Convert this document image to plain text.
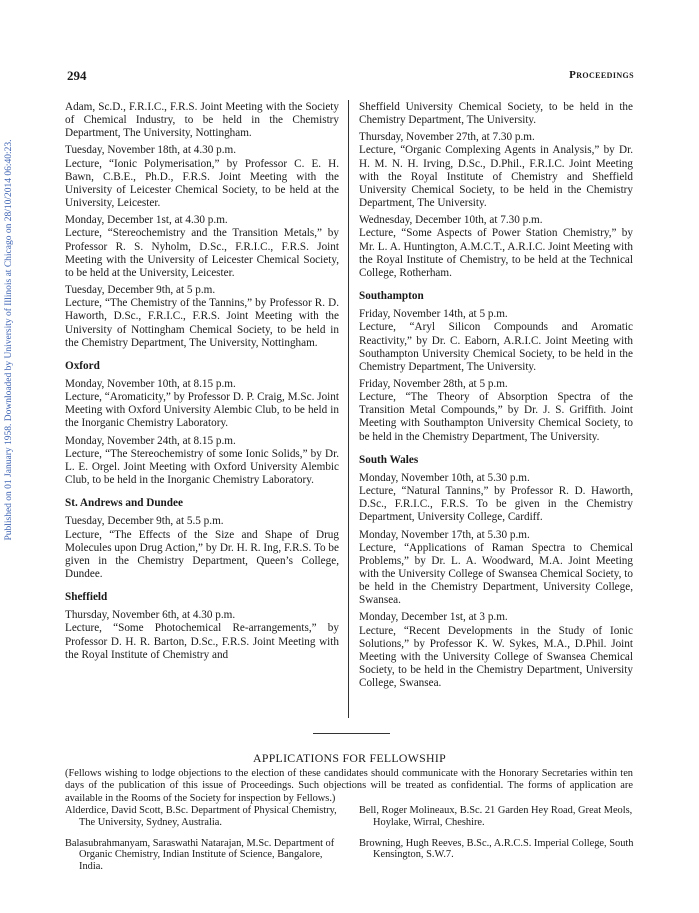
Published on 01 January 1958. Downloaded by University of Illinois at Chicago on 28/10/2014 06:40:23.
294	Proceedings

Adam, Sc.D., F.R.I.C., F.R.S. Joint Meeting with the Society of Chemical Industry, to be held in the Chemistry Department, The University, Nottingham.

Tuesday, November 18th, at 4.30 p.m.

Lecture, “Ionic Polymerisation,” by Professor C. E. H. Bawn, C.B.E., Ph.D., F.R.S. Joint Meeting with the University of Leicester Chemical Society, to be held at the University, Leicester.

Monday, December 1st, at 4.30 p.m.

Lecture, “Stereochemistry and the Transition Metals,” by Professor R. S. Nyholm, D.Sc., F.R.I.C., F.R.S. Joint Meeting with the University of Leicester Chemical Society, to be held at the University, Leicester.

Tuesday, December 9th, at 5 p.m.

Lecture, “The Chemistry of the Tannins,” by Professor R. D. Haworth, D.Sc., F.R.I.C., F.R.S. Joint Meeting with the University of Nottingham Chemical Society, to be held in the Chemistry Department, The University, Nottingham.

Oxford

Monday, November 10th, at 8.15 p.m.

Lecture, “Aromaticity,” by Professor D. P. Craig, M.Sc. Joint Meeting with Oxford University Alembic Club, to be held in the Inorganic Chemistry Laboratory.

Monday, November 24th, at 8.15 p.m.

Lecture, “The Stereochemistry of some Ionic Solids,” by Dr. L. E. Orgel. Joint Meeting with Oxford University Alembic Club, to be held in the Inorganic Chemistry Laboratory.

St. Andrews and Dundee

Tuesday, December 9th, at 5.5 p.m.

Lecture, “The Effects of the Size and Shape of Drug Molecules upon Drug Action,” by Dr. H. R. Ing, F.R.S. To be given in the Chemistry Department, Queen’s College, Dundee.

Sheffield

Thursday, November 6th, at 4.30 p.m.

Lecture, “Some Photochemical Re-arrangements,” by Professor D. H. R. Barton, D.Sc., F.R.S. Joint Meeting with the Royal Institute of Chemistry and

Sheffield University Chemical Society, to be held in the Chemistry Department, The University.

Thursday, November 27th, at 7.30 p.m.

Lecture, “Organic Complexing Agents in Analysis,” by Dr. H. M. N. H. Irving, D.Sc., D.Phil., F.R.I.C. Joint Meeting with the Royal Institute of Chemistry and Sheffield University Chemical Society, to be held in the Chemistry Department, The University.

Wednesday, December 10th, at 7.30 p.m.

Lecture, “Some Aspects of Power Station Chemistry,” by Mr. L. A. Huntington, A.M.C.T., A.R.I.C. Joint Meeting with the Royal Institute of Chemistry, to be held at the Technical College, Rotherham.

Southampton

Friday, November 14th, at 5 p.m.

Lecture, “Aryl Silicon Compounds and Aromatic Reactivity,” by Dr. C. Eaborn, A.R.I.C. Joint Meeting with Southampton University Chemical Society, to be held in the Chemistry Department, The University.

Friday, November 28th, at 5 p.m.

Lecture, “The Theory of Absorption Spectra of the Transition Metal Compounds,” by Dr. J. S. Griffith. Joint Meeting with Southampton University Chemical Society, to be held in the Chemistry Department, The University.

South Wales

Monday, November 10th, at 5.30 p.m.

Lecture, “Natural Tannins,” by Professor R. D. Haworth, D.Sc., F.R.I.C., F.R.S. To be given in the Chemistry Department, University College, Cardiff.

Monday, November 17th, at 5.30 p.m.

Lecture, “Applications of Raman Spectra to Chemical Problems,” by Dr. L. A. Woodward, M.A. Joint Meeting with the University College of Swansea Chemical Society, to be held in the Chemistry Department, University College, Swansea.

Monday, December 1st, at 3 p.m.

Lecture, “Recent Developments in the Study of Ionic Solutions,” by Professor K. W. Sykes, M.A., D.Phil. Joint Meeting with the University College of Swansea Chemical Society, to be held in the Chemistry Department, University College, Swansea.

APPLICATIONS FOR FELLOWSHIP
(Fellows wishing to lodge objections to the election of these candidates should communicate with the Honorary Secretaries within ten days of the publication of this issue of Proceedings. Such objections will be treated as confidential. The forms of application are available in the Rooms of the Society for inspection by Fellows.)
Alderdice, David Scott, B.Sc. Department of Physical Chemistry, The University, Sydney, Australia.
Balasubrahmanyam, Saraswathi Natarajan, M.Sc. Department of Organic Chemistry, Indian Institute of Science, Bangalore, India.
Bell, Roger Molineaux, B.Sc. 21 Garden Hey Road, Great Meols, Hoylake, Wirral, Cheshire.
Browning, Hugh Reeves, B.Sc., A.R.C.S. Imperial College, South Kensington, S.W.7.
